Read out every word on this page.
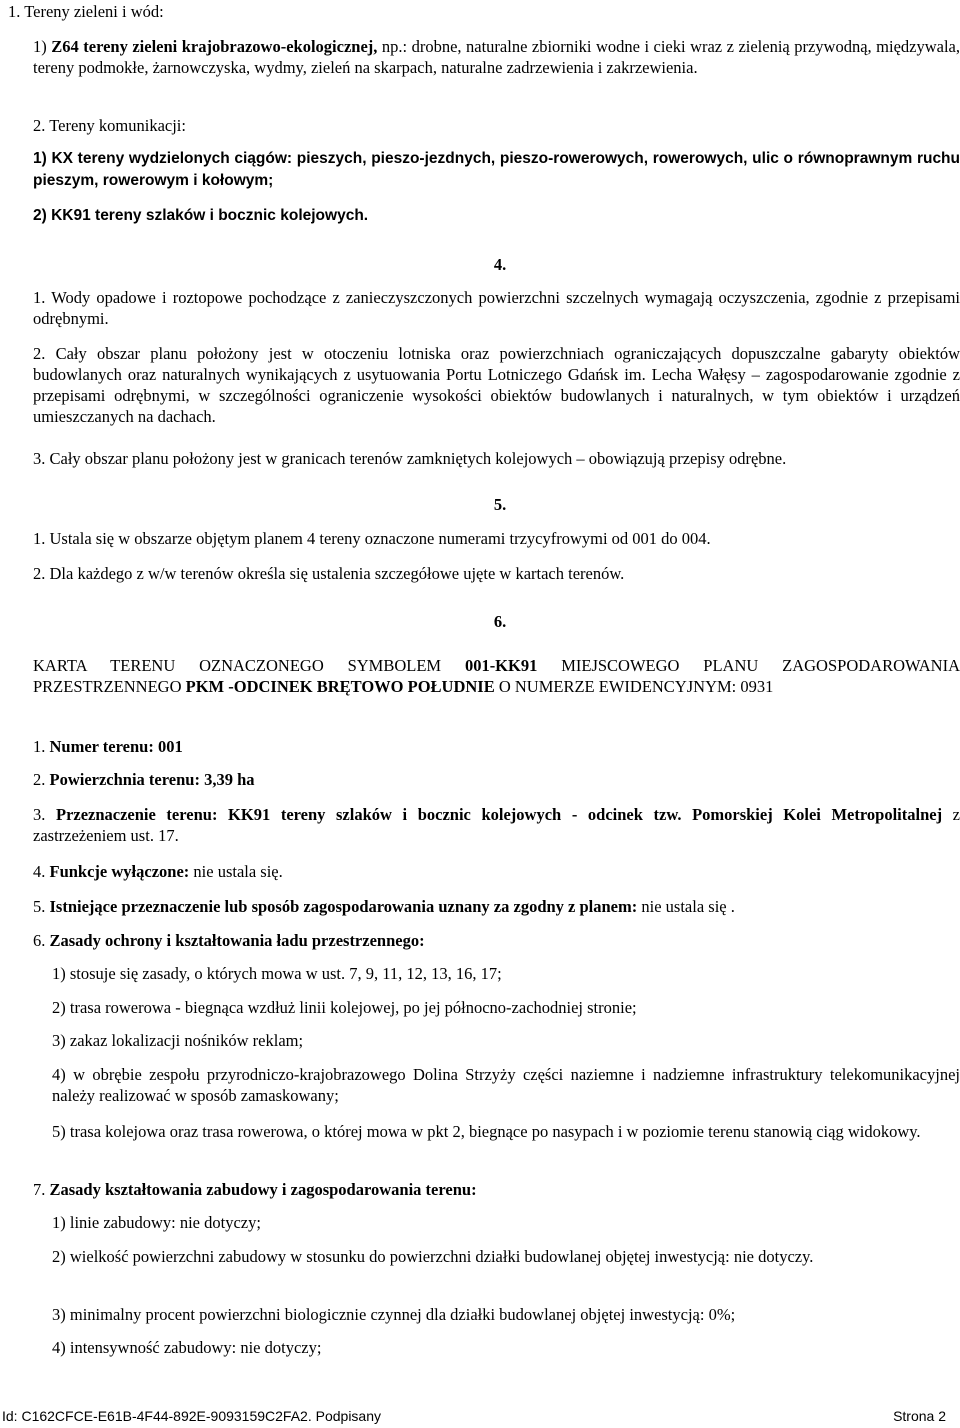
1. Tereny zieleni i wód:

1) Z64 tereny zieleni krajobrazowo-ekologicznej, np.: drobne, naturalne zbiorniki wodne i cieki wraz z zielenią przywodną, międzywala, tereny podmokłe, żarnowczyska, wydmy, zieleń na skarpach, naturalne zadrzewienia i zakrzewienia.

2. Tereny komunikacji:

1) KX tereny wydzielonych ciągów: pieszych, pieszo-jezdnych, pieszo-rowerowych, rowerowych, ulic o równoprawnym ruchu pieszym, rowerowym i kołowym;

2) KK91 tereny szlaków i bocznic kolejowych.

4.

1. Wody opadowe i roztopowe pochodzące z zanieczyszczonych powierzchni szczelnych wymagają oczyszczenia, zgodnie z przepisami odrębnymi.

2. Cały obszar planu położony jest w otoczeniu lotniska oraz powierzchniach ograniczających dopuszczalne gabaryty obiektów budowlanych oraz naturalnych wynikających z usytuowania Portu Lotniczego Gdańsk im. Lecha Wałęsy – zagospodarowanie zgodnie z przepisami odrębnymi, w szczególności ograniczenie wysokości obiektów budowlanych i naturalnych, w tym obiektów i urządzeń umieszczanych na dachach.

3. Cały obszar planu położony jest w granicach terenów zamkniętych kolejowych – obowiązują przepisy odrębne.

5.

1. Ustala się w obszarze objętym planem 4 tereny oznaczone numerami trzycyfrowymi od 001 do 004.

2. Dla każdego z w/w terenów określa się ustalenia szczegółowe ujęte w kartach terenów.

6.

KARTA TERENU OZNACZONEGO SYMBOLEM 001-KK91 MIEJSCOWEGO PLANU ZAGOSPODAROWANIA PRZESTRZENNEGO PKM -ODCINEK BRĘTOWO POŁUDNIE O NUMERZE EWIDENCYJNYM: 0931

1. Numer terenu: 001

2. Powierzchnia terenu: 3,39 ha

3. Przeznaczenie terenu: KK91 tereny szlaków i bocznic kolejowych - odcinek tzw. Pomorskiej Kolei Metropolitalnej z zastrzeżeniem ust. 17.

4. Funkcje wyłączone: nie ustala się.

5. Istniejące przeznaczenie lub sposób zagospodarowania uznany za zgodny z planem: nie ustala się .

6. Zasady ochrony i kształtowania ładu przestrzennego:

1) stosuje się zasady, o których mowa w ust. 7, 9, 11, 12, 13, 16, 17;

2) trasa rowerowa - biegnąca wzdłuż linii kolejowej, po jej północno-zachodniej stronie;

3) zakaz lokalizacji nośników reklam;

4) w obrębie zespołu przyrodniczo-krajobrazowego Dolina Strzyży części naziemne i nadziemne infrastruktury telekomunikacyjnej należy realizować w sposób zamaskowany;

5) trasa kolejowa oraz trasa rowerowa, o której mowa w pkt 2, biegnące po nasypach i w poziomie terenu stanowią ciąg widokowy.

7. Zasady kształtowania zabudowy i zagospodarowania terenu:

1) linie zabudowy: nie dotyczy;

2) wielkość powierzchni zabudowy w stosunku do powierzchni działki budowlanej objętej inwestycją: nie dotyczy.

3) minimalny procent powierzchni biologicznie czynnej dla działki budowlanej objętej inwestycją: 0%;

4) intensywność zabudowy: nie dotyczy;

Id: C162CFCE-E61B-4F44-892E-9093159C2FA2. Podpisany	Strona 2
